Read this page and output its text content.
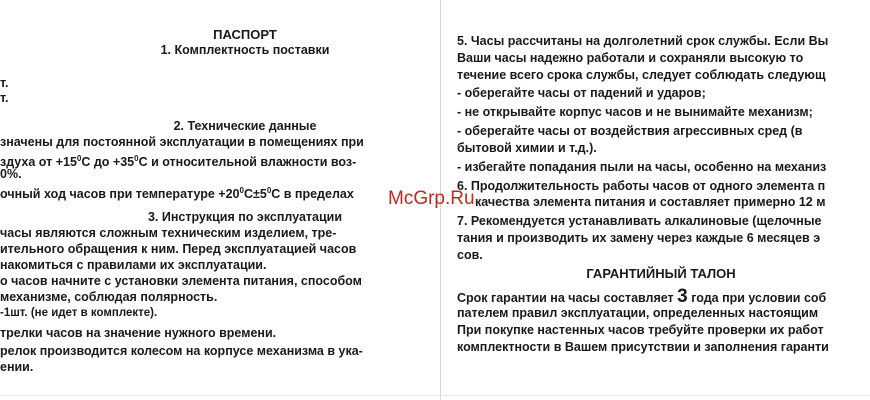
ПАСПОРТ
1. Комплектность поставки
т.
т.
2. Технические данные
значены для постоянной эксплуатации в помещениях при
здуха от $+15^0С$ до $+35^0С$ и относительной влажности воз-
0%.
очный ход часов при температуре $+20^0С\pm 5^0С$ в пределах
3. Инструкция по эксплуатации
часы являются сложным техническим изделием, тре-
ительного обращения к ним. Перед эксплуатацией часов
накомиться с правилами их эксплуатации.
о часов начните с установки элемента питания, способом
механизме, соблюдая полярность.
-1шт. (не идет в комплекте).
трелки часов на значение нужного времени.
релок производится колесом на корпусе механизма в ука-
ении.
5. Часы рассчитаны на долголетний срок службы. Если Вы
Ваши часы надежно работали и сохраняли высокую то
течение всего срока службы, следует соблюдать следующ
- оберегайте часы от падений и ударов;
- не открывайте корпус часов и не вынимайте механизм;
- оберегайте часы от воздействия агрессивных сред (в
бытовой химии и т.д.).
- избегайте попадания пыли на часы, особенно на механиз
6. Продолжительность работы часов от одного элемента п
качества элемента питания и составляет примерно 12 м
7. Рекомендуется устанавливать алкалиновые (щелочные
тания и производить их замену через каждые 6 месяцев э
сов.
ГАРАНТИЙНЫЙ ТАЛОН
Срок гарантии на часы составляет 3 года при условии соб
пателем правил эксплуатации, определенных настоящим
При покупке настенных часов требуйте проверки их работ
комплектности в Вашем присутствии и заполнения гаранти
McGrp.Ru
